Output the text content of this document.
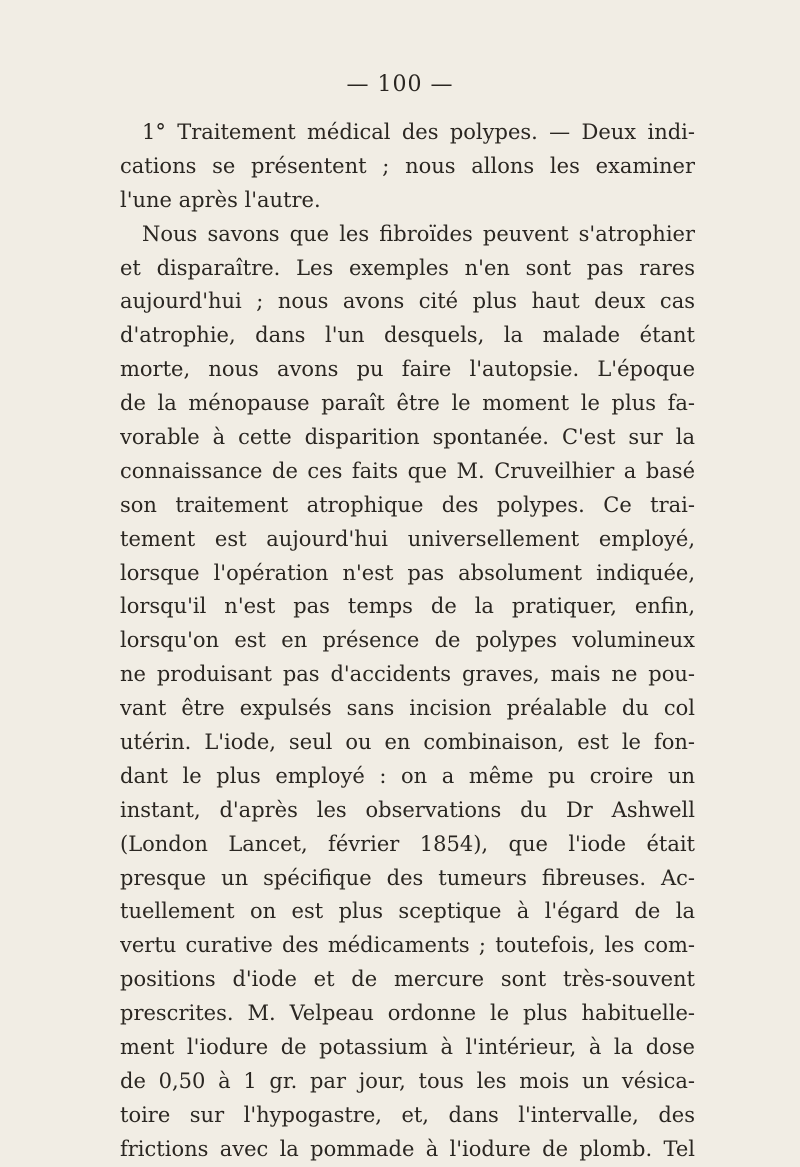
— 100 —
1° Traitement médical des polypes. — Deux indi-
cations se présentent ; nous allons les examiner
l'une après l'autre.
Nous savons que les fibroïdes peuvent s'atrophier
et disparaître. Les exemples n'en sont pas rares
aujourd'hui ; nous avons cité plus haut deux cas
d'atrophie, dans l'un desquels, la malade étant
morte, nous avons pu faire l'autopsie. L'époque
de la ménopause paraît être le moment le plus fa-
vorable à cette disparition spontanée. C'est sur la
connaissance de ces faits que M. Cruveilhier a basé
son traitement atrophique des polypes. Ce trai-
tement est aujourd'hui universellement employé,
lorsque l'opération n'est pas absolument indiquée,
lorsqu'il n'est pas temps de la pratiquer, enfin,
lorsqu'on est en présence de polypes volumineux
ne produisant pas d'accidents graves, mais ne pou-
vant être expulsés sans incision préalable du col
utérin. L'iode, seul ou en combinaison, est le fon-
dant le plus employé : on a même pu croire un
instant, d'après les observations du Dr Ashwell
(London Lancet, février 1854), que l'iode était
presque un spécifique des tumeurs fibreuses. Ac-
tuellement on est plus sceptique à l'égard de la
vertu curative des médicaments ; toutefois, les com-
positions d'iode et de mercure sont très-souvent
prescrites. M. Velpeau ordonne le plus habituelle-
ment l'iodure de potassium à l'intérieur, à la dose
de 0,50 à 1 gr. par jour, tous les mois un vésica-
toire sur l'hypogastre, et, dans l'intervalle, des
frictions avec la pommade à l'iodure de plomb. Tel
